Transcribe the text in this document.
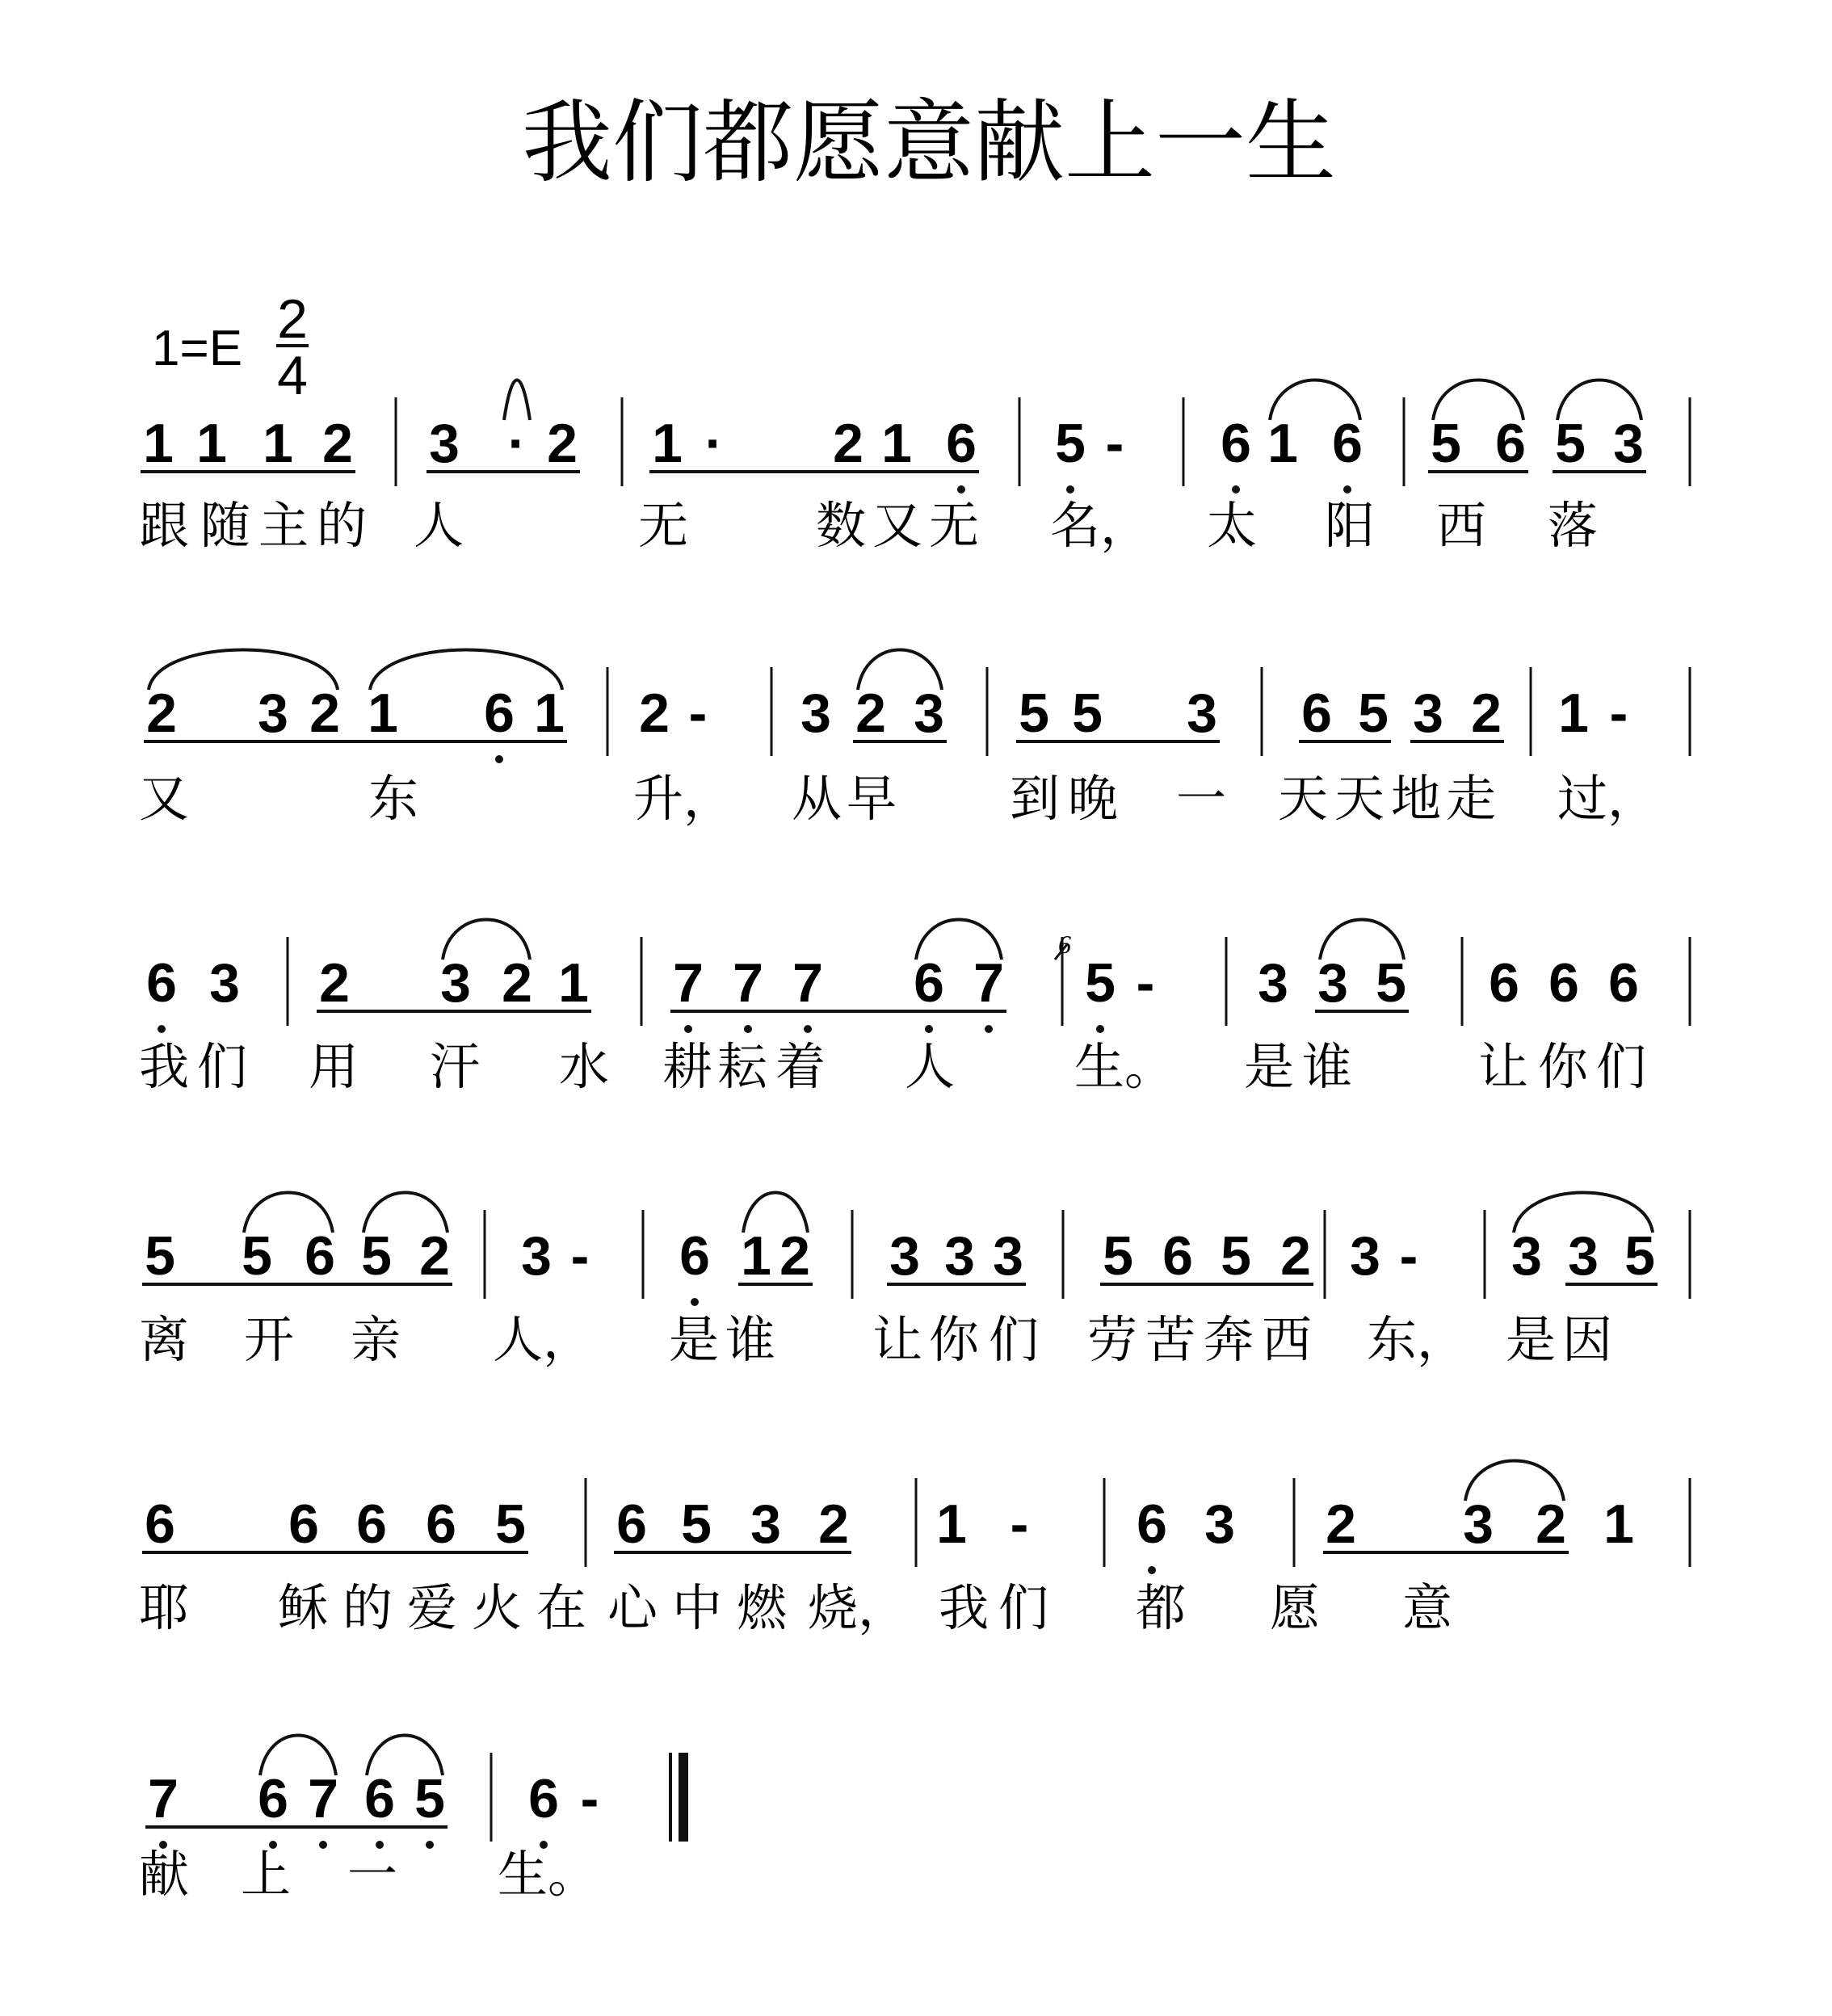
我们都愿意献上一生
1=E 2
4
1 1 1 2 3 · 2 1 · 2 1 6 5 - 6 1 6 5 6 5 3
跟 随 主 的 人	无	数 又 无 名， 太 阳 西 落
2 3 2 1 6 1 2 - 3 2 3 5 5 3 6 5 3 2 1 -
又	东	升， 从 早 到 晚 一 天 天 地 走 过，
6 3 2 3 2 1 7 7 7 6 7 5 - 3 3 5 6 6 6
我 们 用 汗 水 耕 耘 着 人 生。 是 谁	让 你 们
5 5 6 5 2 3 - 6 1 2 3 3 3 5 6 5 2 3 - 3 3 5
离 开 亲 人， 是 谁 让 你 们 劳 苦 奔 西 东， 是 因
6 6 6 6 5 6 5 3 2 1 - 6 3 2 3 2 1
耶 稣 的 爱 火 在 心 中 燃 烧， 我 们 都 愿 意
7 6 7 6 5 6 -
献 上 一 生。
6
